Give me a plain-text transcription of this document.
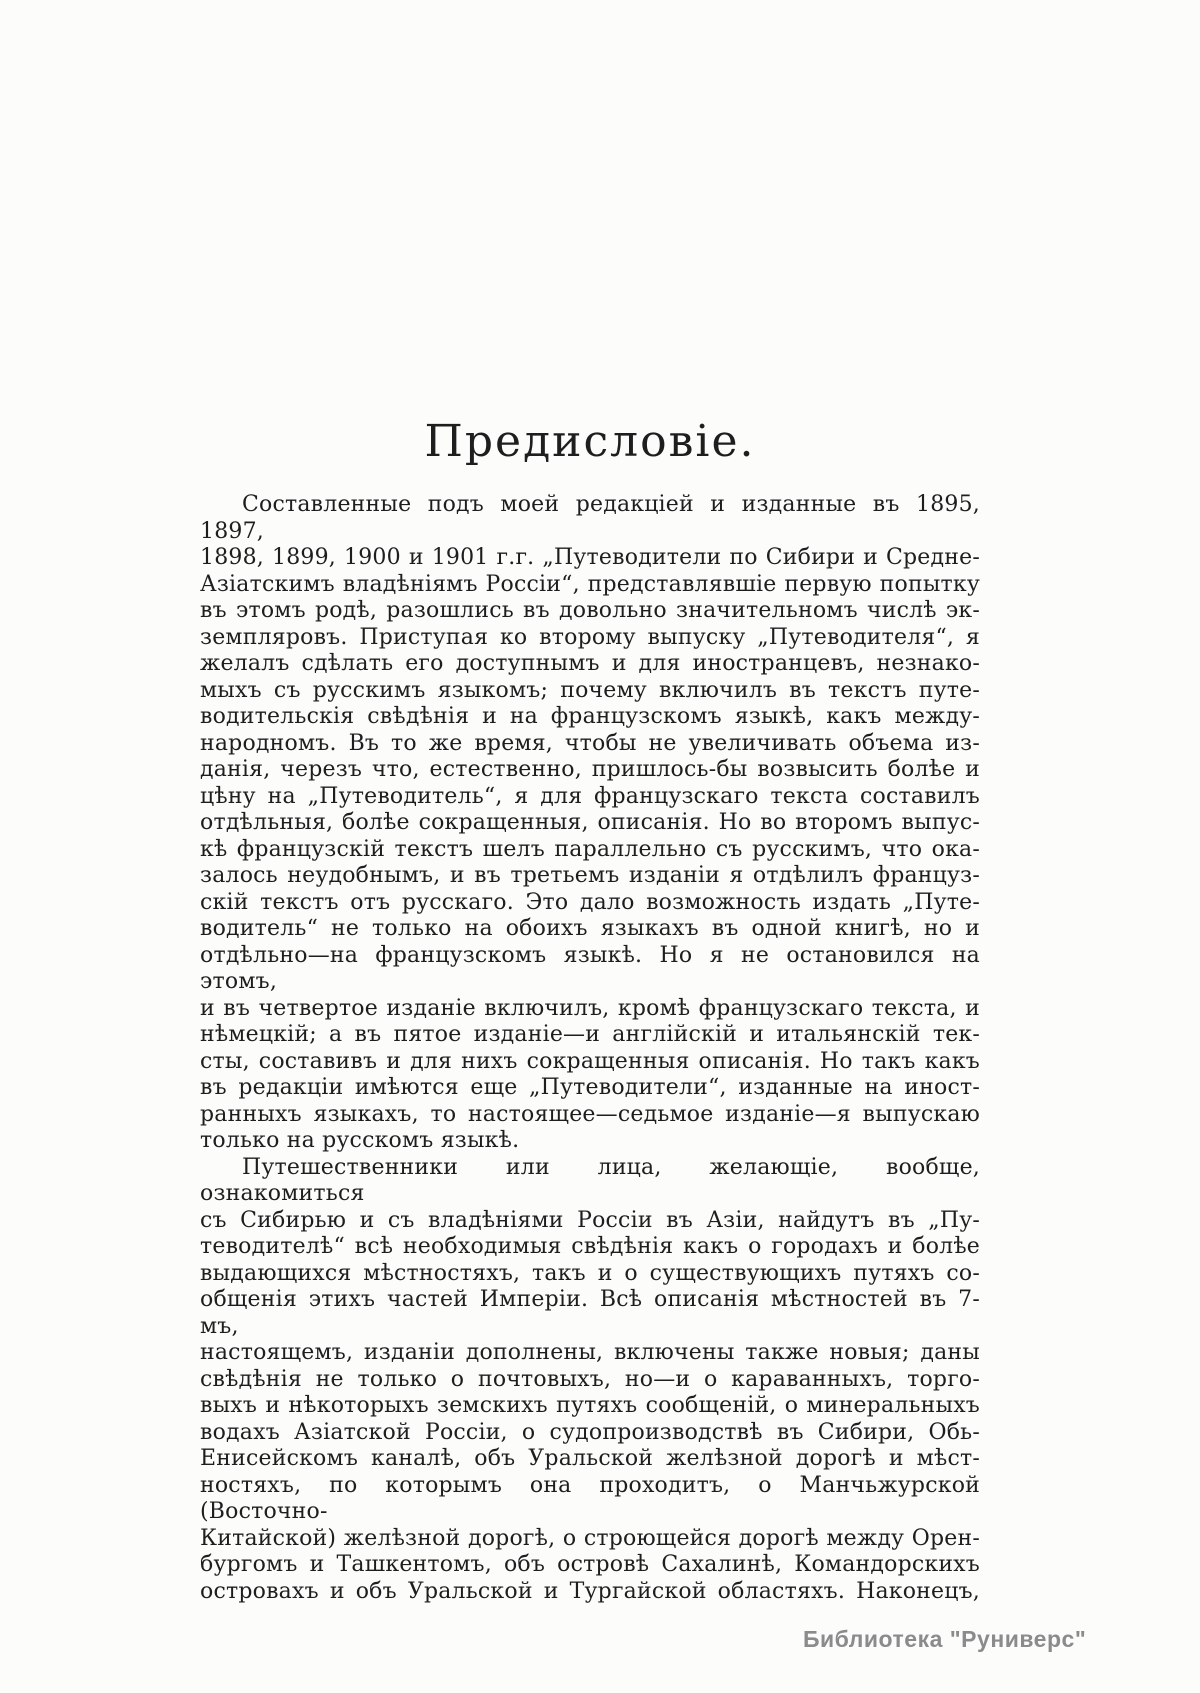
Предисловіе.
Составленные подъ моей редакціей и изданные въ 1895, 1897,
1898, 1899, 1900 и 1901 г.г. „Путеводители по Сибири и Средне-
Азіатскимъ владѣніямъ Россіи“, представлявшіе первую попытку
въ этомъ родѣ, разошлись въ довольно значительномъ числѣ эк-
земпляровъ. Приступая ко второму выпуску „Путеводителя“, я
желалъ сдѣлать его доступнымъ и для иностранцевъ, незнако-
мыхъ съ русскимъ языкомъ; почему включилъ въ текстъ путе-
водительскія свѣдѣнія и на французскомъ языкѣ, какъ между-
народномъ. Въ то же время, чтобы не увеличивать объема из-
данія, черезъ что, естественно, пришлось-бы возвысить болѣе и
цѣну на „Путеводитель“, я для французскаго текста составилъ
отдѣльныя, болѣе сокращенныя, описанія. Но во второмъ выпус-
кѣ французскій текстъ шелъ параллельно съ русскимъ, что ока-
залось неудобнымъ, и въ третьемъ изданіи я отдѣлилъ француз-
скій текстъ отъ русскаго. Это дало возможность издать „Путе-
водитель“ не только на обоихъ языкахъ въ одной книгѣ, но и
отдѣльно—на французскомъ языкѣ. Но я не остановился на этомъ,
и въ четвертое изданіе включилъ, кромѣ французскаго текста, и
нѣмецкій; а въ пятое изданіе—и англійскій и итальянскій тек-
сты, составивъ и для нихъ сокращенныя описанія. Но такъ какъ
въ редакціи имѣются еще „Путеводители“, изданные на иност-
ранныхъ языкахъ, то настоящее—седьмое изданіе—я выпускаю
только на русскомъ языкѣ.
Путешественники или лица, желающіе, вообще, ознакомиться
съ Сибирью и съ владѣніями Россіи въ Азіи, найдутъ въ „Пу-
теводителѣ“ всѣ необходимыя свѣдѣнія какъ о городахъ и болѣе
выдающихся мѣстностяхъ, такъ и о существующихъ путяхъ со-
общенія этихъ частей Имперіи. Всѣ описанія мѣстностей въ 7-мъ,
настоящемъ, изданіи дополнены, включены также новыя; даны
свѣдѣнія не только о почтовыхъ, но—и о караванныхъ, торго-
выхъ и нѣкоторыхъ земскихъ путяхъ сообщеній, о минеральныхъ
водахъ Азіатской Россіи, о судопроизводствѣ въ Сибири, Обь-
Енисейскомъ каналѣ, объ Уральской желѣзной дорогѣ и мѣст-
ностяхъ, по которымъ она проходитъ, о Манчьжурской (Восточно-
Китайской) желѣзной дорогѣ, о строющейся дорогѣ между Орен-
бургомъ и Ташкентомъ, объ островѣ Сахалинѣ, Командорскихъ
островахъ и объ Уральской и Тургайской областяхъ. Наконецъ,
Библиотека "Руниверс"
